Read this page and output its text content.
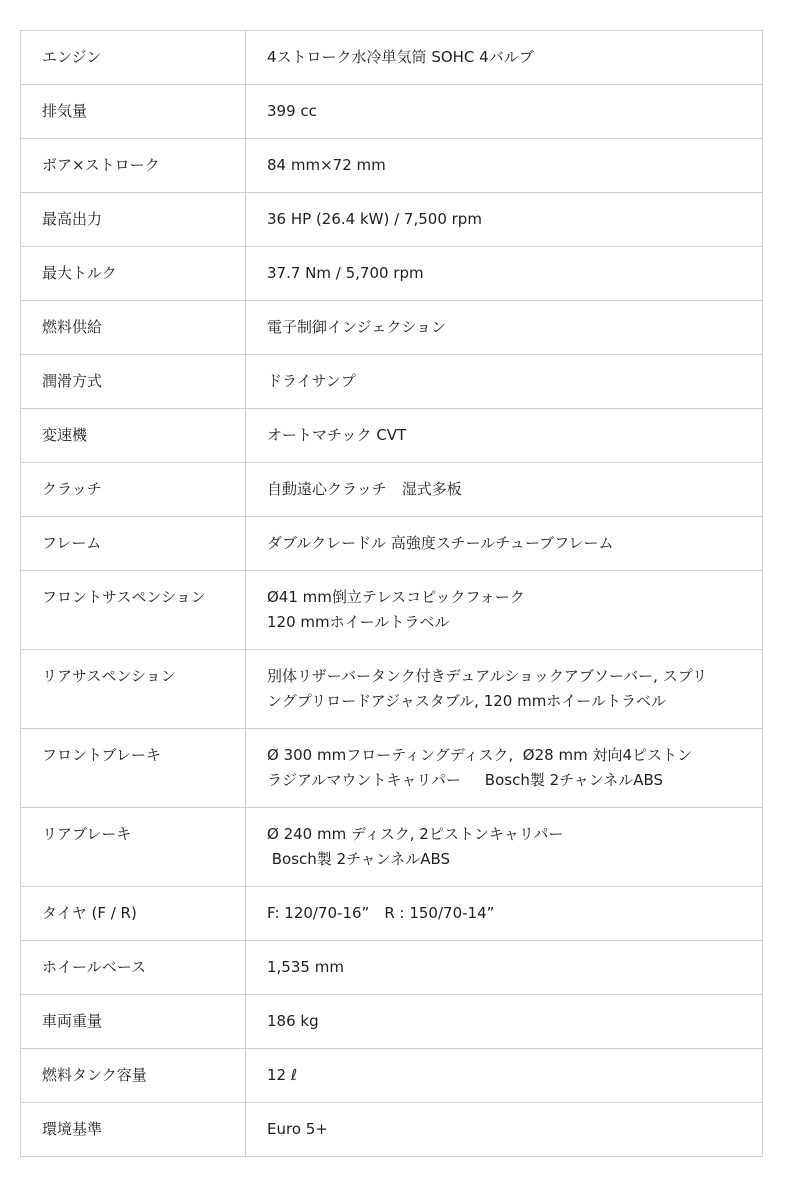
エンジン	4ストローク水冷単気筒 SOHC 4バルブ

排気量	399 cc

ボア×ストローク	84 mm×72 mm

最高出力	36 HP (26.4 kW) / 7,500 rpm

最大トルク	37.7 Nm / 5,700 rpm

燃料供給	電子制御インジェクション

潤滑方式	ドライサンプ

変速機	オートマチック CVT

クラッチ	自動遠心クラッチ　湿式多板

フレーム	ダブルクレードル 高強度スチールチューブフレーム

フロントサスペンション	Ø41 mm倒立テレスコピックフォーク
120 mmホイールトラベル

リアサスペンション	別体リザーバータンク付きデュアルショックアブソーバー, スプリ
ングプリロードアジャスタブル, 120 mmホイールトラベル

フロントブレーキ	Ø 300 mmフローティングディスク,  Ø28 mm 対向4ピストン
ラジアルマウントキャリパー     Bosch製 2チャンネルABS

リアブレーキ	Ø 240 mm ディスク, 2ピストンキャリパー
Bosch製 2チャンネルABS

タイヤ (F / R)	F: 120/70-16”　R : 150/70-14”

ホイールベース	1,535 mm

車両重量	186 kg

燃料タンク容量	12 ℓ

環境基準	Euro 5+
